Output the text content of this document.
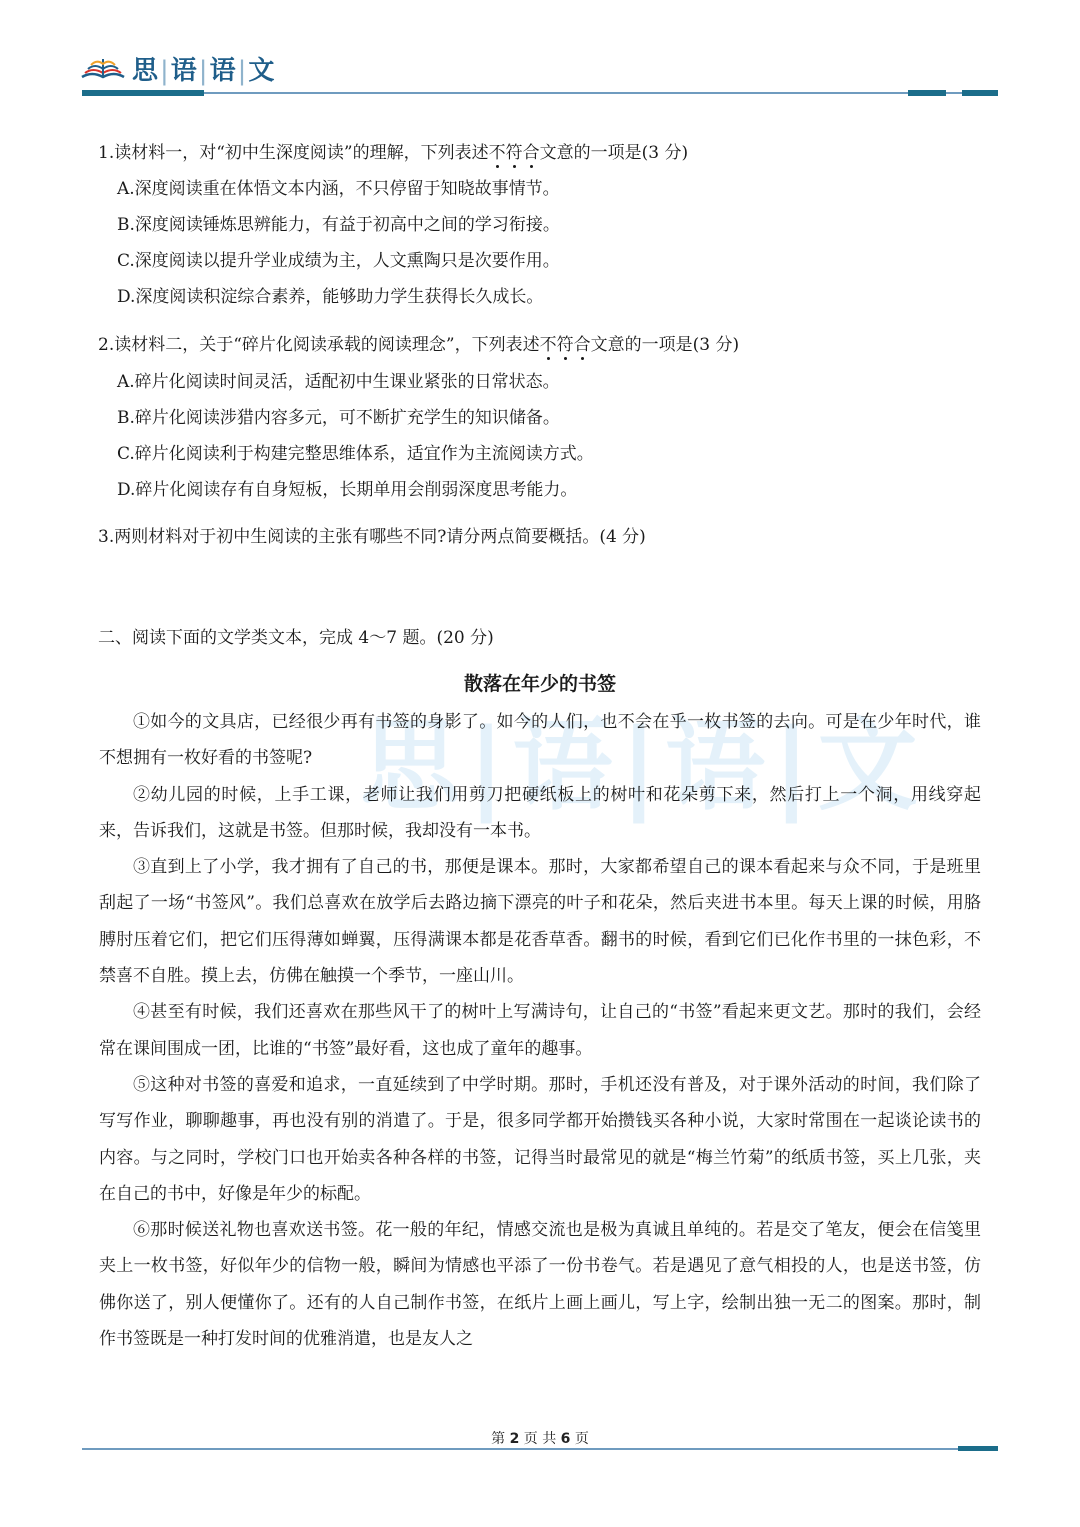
思|语|语|文
1.读材料一，对“初中生深度阅读”的理解，下列表述不符合文意的一项是(3 分)
A.深度阅读重在体悟文本内涵，不只停留于知晓故事情节。
B.深度阅读锤炼思辨能力，有益于初高中之间的学习衔接。
C.深度阅读以提升学业成绩为主，人文熏陶只是次要作用。
D.深度阅读积淀综合素养，能够助力学生获得长久成长。
2.读材料二，关于“碎片化阅读承载的阅读理念”，下列表述不符合文意的一项是(3 分)
A.碎片化阅读时间灵活，适配初中生课业紧张的日常状态。
B.碎片化阅读涉猎内容多元，可不断扩充学生的知识储备。
C.碎片化阅读利于构建完整思维体系，适宜作为主流阅读方式。
D.碎片化阅读存有自身短板，长期单用会削弱深度思考能力。
3.两则材料对于初中生阅读的主张有哪些不同?请分两点简要概括。(4 分)
二、阅读下面的文学类文本，完成 4～7 题。(20 分)
思|语|语|文
散落在年少的书签

①如今的文具店，已经很少再有书签的身影了。如今的人们，也不会在乎一枚书签的去向。可是在少年时代，谁不想拥有一枚好看的书签呢?

②幼儿园的时候，上手工课，老师让我们用剪刀把硬纸板上的树叶和花朵剪下来，然后打上一个洞，用线穿起来，告诉我们，这就是书签。但那时候，我却没有一本书。

③直到上了小学，我才拥有了自己的书，那便是课本。那时，大家都希望自己的课本看起来与众不同，于是班里刮起了一场“书签风”。我们总喜欢在放学后去路边摘下漂亮的叶子和花朵，然后夹进书本里。每天上课的时候，用胳膊肘压着它们，把它们压得薄如蝉翼，压得满课本都是花香草香。翻书的时候，看到它们已化作书里的一抹色彩，不禁喜不自胜。摸上去，仿佛在触摸一个季节，一座山川。

④甚至有时候，我们还喜欢在那些风干了的树叶上写满诗句，让自己的“书签”看起来更文艺。那时的我们，会经常在课间围成一团，比谁的“书签”最好看，这也成了童年的趣事。

⑤这种对书签的喜爱和追求，一直延续到了中学时期。那时，手机还没有普及，对于课外活动的时间，我们除了写写作业，聊聊趣事，再也没有别的消遣了。于是，很多同学都开始攒钱买各种小说，大家时常围在一起谈论读书的内容。与之同时，学校门口也开始卖各种各样的书签，记得当时最常见的就是“梅兰竹菊”的纸质书签，买上几张，夹在自己的书中，好像是年少的标配。

⑥那时候送礼物也喜欢送书签。花一般的年纪，情感交流也是极为真诚且单纯的。若是交了笔友，便会在信笺里夹上一枚书签，好似年少的信物一般，瞬间为情感也平添了一份书卷气。若是遇见了意气相投的人，也是送书签，仿佛你送了，别人便懂你了。还有的人自己制作书签，在纸片上画上画儿，写上字，绘制出独一无二的图案。那时，制作书签既是一种打发时间的优雅消遣，也是友人之

第 2 页 共 6 页
